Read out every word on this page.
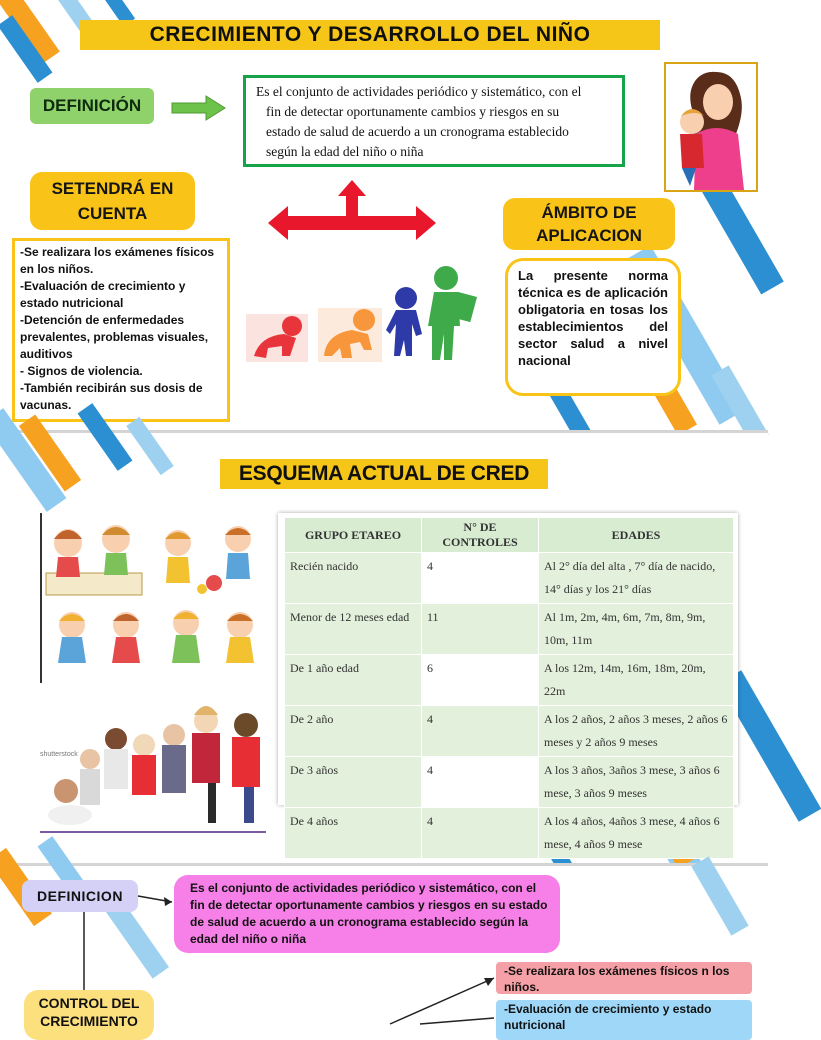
CRECIMIENTO Y DESARROLLO DEL NIÑO
DEFINICIÓN
Es el conjunto de actividades periódico y sistemático, con el
fin de detectar oportunamente cambios y riesgos en su
estado de salud de acuerdo a un cronograma establecido
según la edad del niño o niña
SETENDRÁ EN
CUENTA	ÁMBITO DE
APLICACION
-Se realizara los exámenes físicos en los niños.
-Evaluación de crecimiento y estado nutricional
-Detención de enfermedades prevalentes, problemas visuales, auditivos
- Signos de violencia.
-También recibirán sus dosis de vacunas.
La presente norma técnica es de aplicación obligatoria en tosas los establecimientos del sector salud a nivel nacional
ESQUEMA ACTUAL DE CRED
shutterstock
GRUPO ETAREO	N° DE CONTROLES	EDADES
Recién nacido	4	Al 2° día del alta , 7° día de nacido, 14° días y los 21° días
Menor de 12 meses edad	11	Al 1m, 2m, 4m, 6m, 7m, 8m, 9m, 10m, 11m
De 1 año edad	6	A los 12m, 14m, 16m, 18m, 20m, 22m
De 2 año	4	A los 2 años, 2 años 3 meses, 2 años 6 meses y 2 años 9 meses
De 3 años	4	A los 3 años, 3años 3 mese, 3 años 6 mese, 3 años 9 meses
De 4 años	4	A los 4 años, 4años 3 mese, 4 años 6 mese, 4 años 9 mese
DEFINICION	Es el conjunto de actividades periódico y sistemático, con el fin de detectar oportunamente cambios y riesgos en su estado de salud de acuerdo a un cronograma establecido según la edad del niño o niña
CONTROL DEL
CRECIMIENTO
-Se realizara los exámenes físicos n los niños.
-Evaluación de crecimiento y estado nutricional
